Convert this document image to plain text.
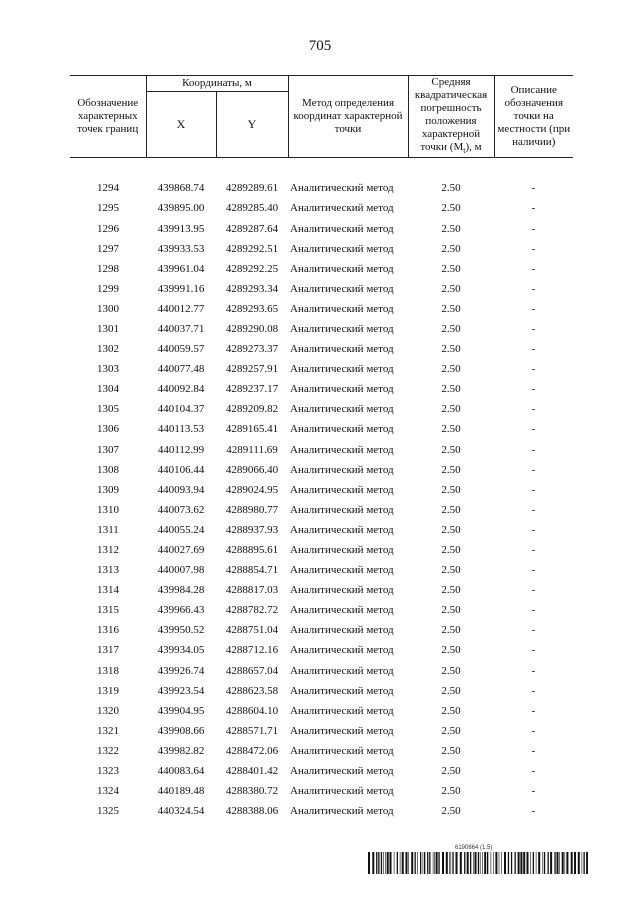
705
Обозначение характерных точек границ	Координаты, м		Метод определения координат характерной точки	Средняя квадратическая погрешность положения характерной точки $(M_t)$, м	Описание обозначения точки на местности (при наличии)
	X	Y			

1294	439868.74	4289289.61	Аналитический метод	2.50	-
1295	439895.00	4289285.40	Аналитический метод	2.50	-
1296	439913.95	4289287.64	Аналитический метод	2.50	-
1297	439933.53	4289292.51	Аналитический метод	2.50	-
1298	439961.04	4289292.25	Аналитический метод	2.50	-
1299	439991.16	4289293.34	Аналитический метод	2.50	-
1300	440012.77	4289293.65	Аналитический метод	2.50	-
1301	440037.71	4289290.08	Аналитический метод	2.50	-
1302	440059.57	4289273.37	Аналитический метод	2.50	-
1303	440077.48	4289257.91	Аналитический метод	2.50	-
1304	440092.84	4289237.17	Аналитический метод	2.50	-
1305	440104.37	4289209.82	Аналитический метод	2.50	-
1306	440113.53	4289165.41	Аналитический метод	2.50	-
1307	440112.99	4289111.69	Аналитический метод	2.50	-
1308	440106.44	4289066.40	Аналитический метод	2.50	-
1309	440093.94	4289024.95	Аналитический метод	2.50	-
1310	440073.62	4288980.77	Аналитический метод	2.50	-
1311	440055.24	4288937.93	Аналитический метод	2.50	-
1312	440027.69	4288895.61	Аналитический метод	2.50	-
1313	440007.98	4288854.71	Аналитический метод	2.50	-
1314	439984.28	4288817.03	Аналитический метод	2.50	-
1315	439966.43	4288782.72	Аналитический метод	2.50	-
1316	439950.52	4288751.04	Аналитический метод	2.50	-
1317	439934.05	4288712.16	Аналитический метод	2.50	-
1318	439926.74	4288657.04	Аналитический метод	2.50	-
1319	439923.54	4288623.58	Аналитический метод	2.50	-
1320	439904.95	4288604.10	Аналитический метод	2.50	-
1321	439908.66	4288571.71	Аналитический метод	2.50	-
1322	439982.82	4288472.06	Аналитический метод	2.50	-
1323	440083.64	4288401.42	Аналитический метод	2.50	-
1324	440189.48	4288380.72	Аналитический метод	2.50	-
1325	440324.54	4288388.06	Аналитический метод	2.50	-
6190864 (1.5)
